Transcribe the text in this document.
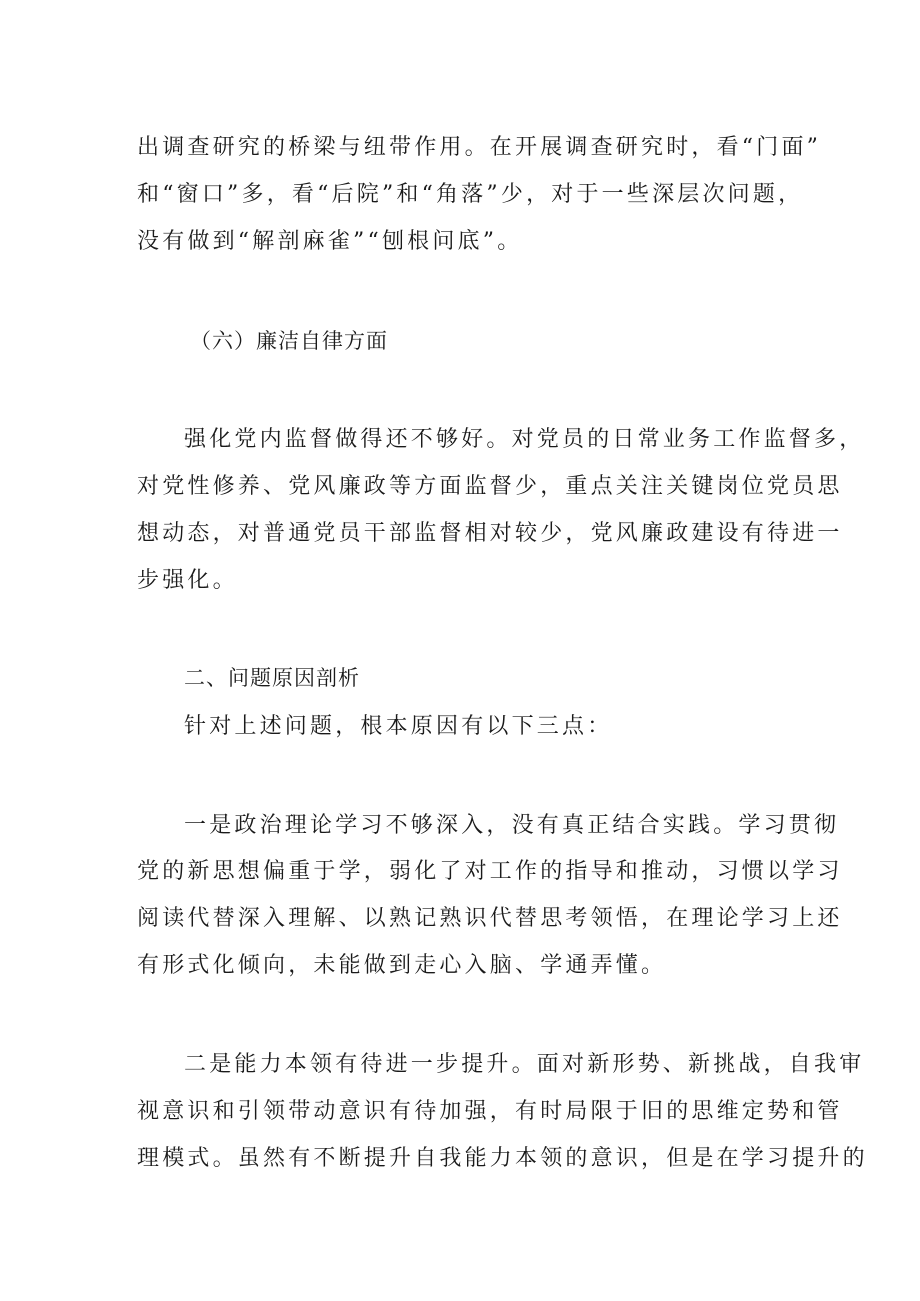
出调查研究的桥梁与纽带作用。在开展调查研究时，看“门面”
和“窗口”多，看“后院”和“角落”少，对于一些深层次问题，
没有做到“解剖麻雀”“刨根问底”。
（六）廉洁自律方面
强化党内监督做得还不够好。对党员的日常业务工作监督多，
对党性修养、党风廉政等方面监督少，重点关注关键岗位党员思
想动态，对普通党员干部监督相对较少，党风廉政建设有待进一
步强化。
二、问题原因剖析
针对上述问题，根本原因有以下三点：
一是政治理论学习不够深入，没有真正结合实践。学习贯彻
党的新思想偏重于学，弱化了对工作的指导和推动，习惯以学习
阅读代替深入理解、以熟记熟识代替思考领悟，在理论学习上还
有形式化倾向，未能做到走心入脑、学通弄懂。
二是能力本领有待进一步提升。面对新形势、新挑战，自我审
视意识和引领带动意识有待加强，有时局限于旧的思维定势和管
理模式。虽然有不断提升自我能力本领的意识，但是在学习提升的
